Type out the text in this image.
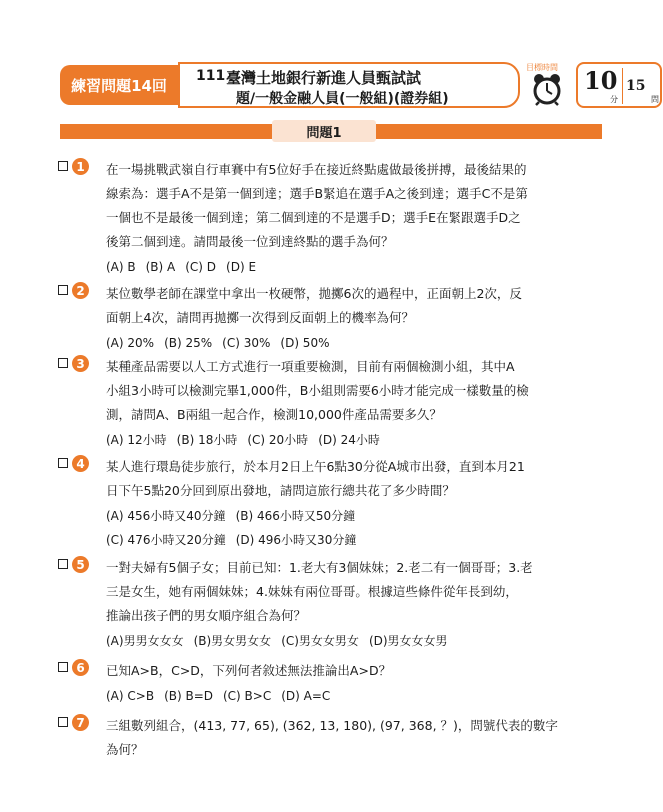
練習問題14回
111 臺灣土地銀行新進人員甄試試
題/一般金融人員(一般組)(證券組)
目標時間 10
分
15
問
問題1
1	在一場挑戰武嶺自行車賽中有5位好手在接近終點處做最後拼搏，最後結果的
線索為：選手A不是第一個到達；選手B緊追在選手A之後到達；選手C不是第
一個也不是最後一個到達；第二個到達的不是選手D；選手E在緊跟選手D之
後第二個到達。請問最後一位到達終點的選手為何？
(A) B (B) A (C) D (D) E
2	某位數學老師在課堂中拿出一枚硬幣，拋擲6次的過程中，正面朝上2次，反
面朝上4次，請問再拋擲一次得到反面朝上的機率為何？
(A) 20% (B) 25% (C) 30% (D) 50%
3	某種產品需要以人工方式進行一項重要檢測，目前有兩個檢測小組，其中A
小組3小時可以檢測完畢1,000件，B小組則需要6小時才能完成一樣數量的檢
測，請問A、B兩組一起合作，檢測10,000件產品需要多久？
(A) 12小時 (B) 18小時 (C) 20小時 (D) 24小時
4	某人進行環島徒步旅行，於本月2日上午6點30分從A城市出發，直到本月21
日下午5點20分回到原出發地，請問這旅行總共花了多少時間？
(A) 456小時又40分鐘 (B) 466小時又50分鐘
(C) 476小時又20分鐘 (D) 496小時又30分鐘
5	一對夫婦有5個子女；目前已知：1.老大有3個妹妹；2.老二有一個哥哥；3.老
三是女生，她有兩個妹妹；4.妹妹有兩位哥哥。根據這些條件從年長到幼，
推論出孩子們的男女順序組合為何？
(A)男男女女女 (B)男女男女女 (C)男女女男女 (D)男女女女男
6	已知A>B，C>D，下列何者敘述無法推論出A>D？
(A) C>B (B) B=D (C) B>C (D) A=C
7	三組數列組合，(413, 77, 65), (362, 13, 180), (97, 368, ？)，問號代表的數字
為何？
